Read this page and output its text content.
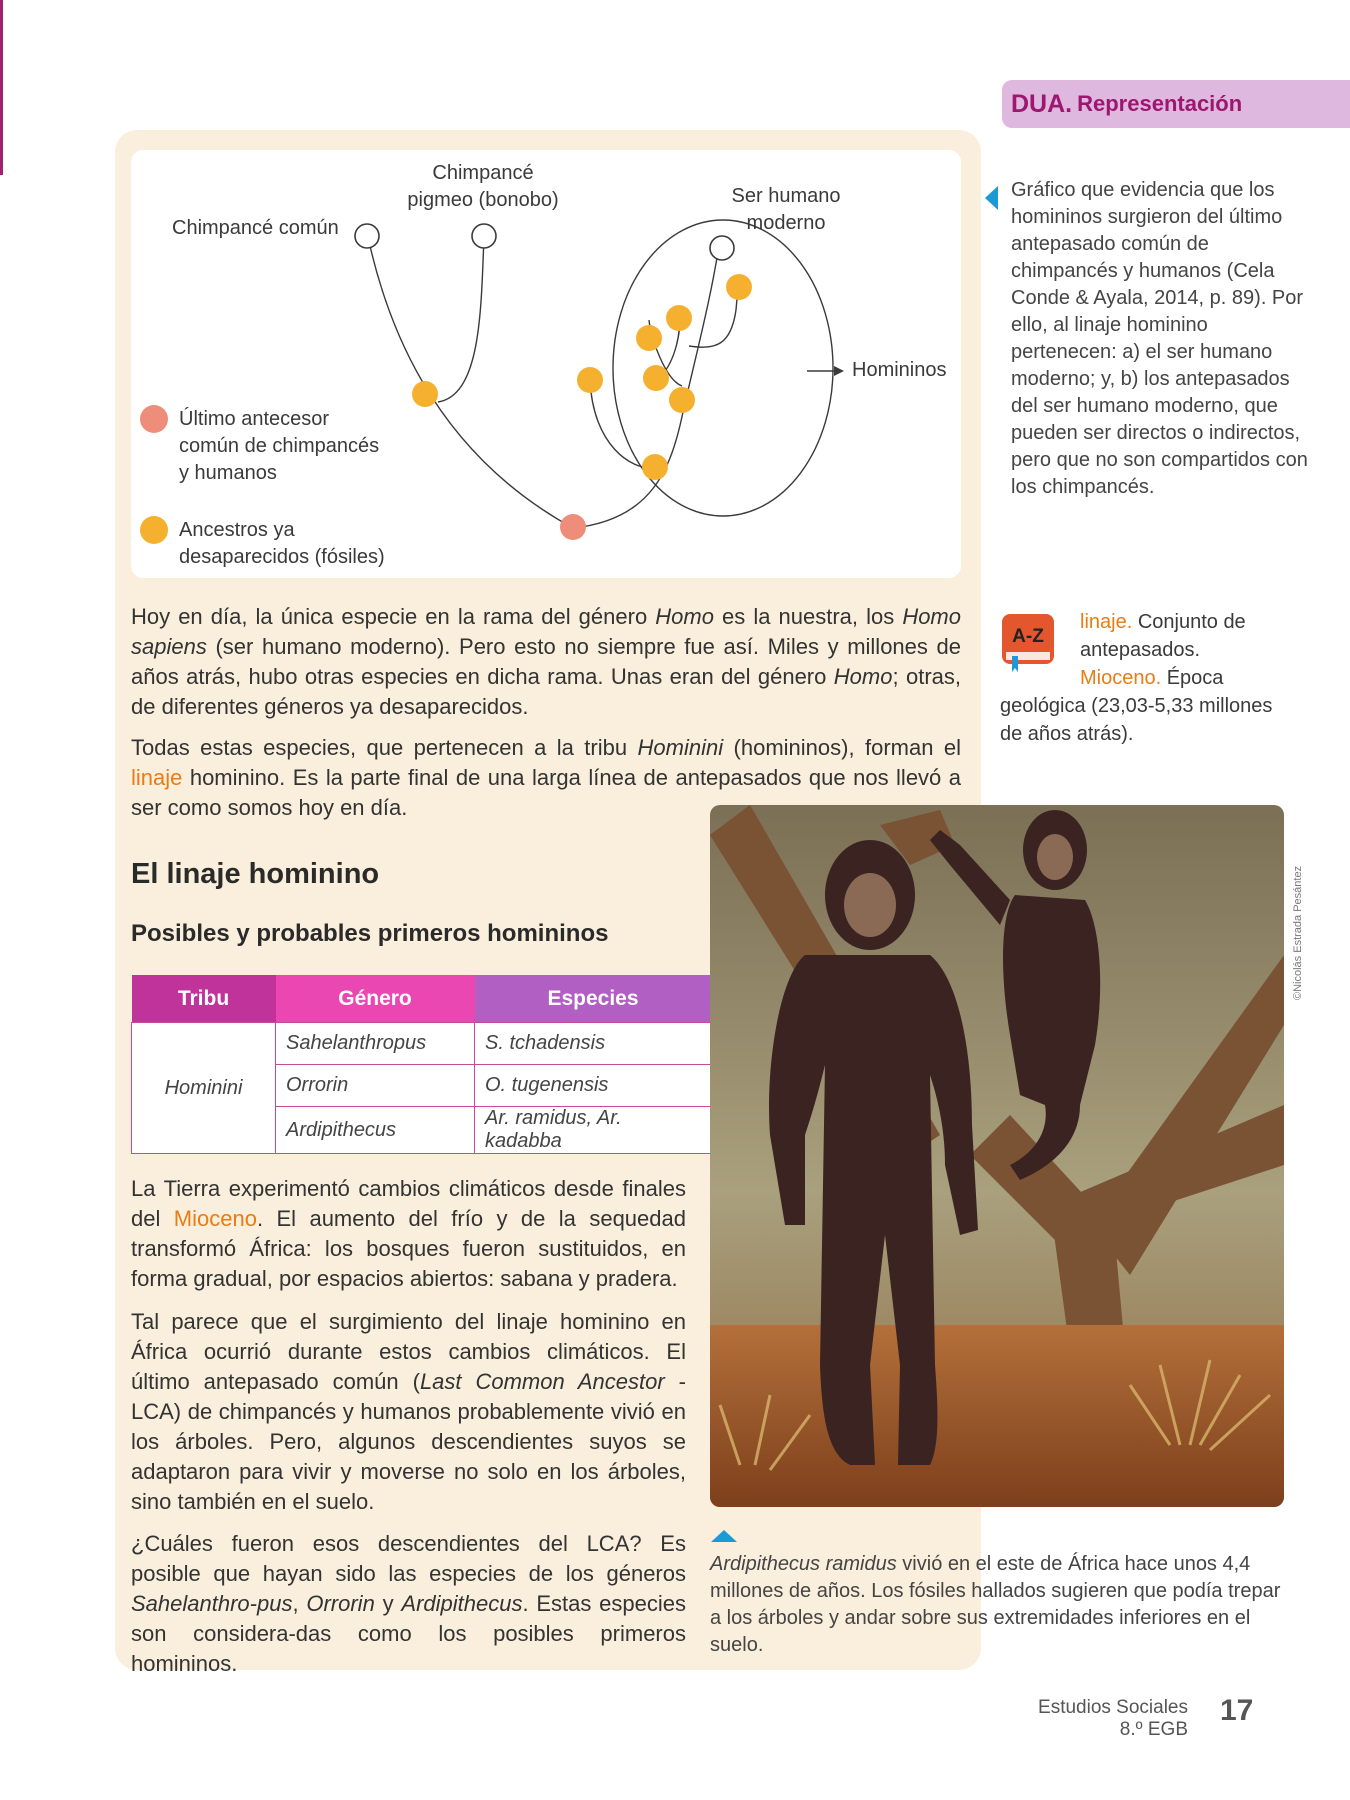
DUA. Representación
Chimpancé común
Chimpancé
pigmeo (bonobo)	Ser humano
moderno
Homininos
Último antecesor
común de chimpancés
y humanos
Ancestros ya
desaparecidos (fósiles)
Gráfico que evidencia que los homininos surgieron del último antepasado común de chimpancés y humanos (Cela Conde & Ayala, 2014, p. 89). Por ello, al linaje hominino pertenecen: a) el ser humano moderno; y, b) los antepasados del ser humano moderno, que pueden ser directos o indirectos, pero que no son compartidos con los chimpancés.
A-Z
linaje. Conjunto de
antepasados.
Mioceno. Época
geológica (23,03-5,33 millones
de años atrás).
Hoy en día, la única especie en la rama del género Homo es la nuestra, los Homo sapiens (ser humano moderno). Pero esto no siempre fue así. Miles y millones de años atrás, hubo otras especies en dicha rama. Unas eran del género Homo; otras, de diferentes géneros ya desaparecidos.
Todas estas especies, que pertenecen a la tribu Hominini (homininos), forman el linaje hominino. Es la parte final de una larga línea de antepasados que nos llevó a ser como somos hoy en día.
El linaje hominino
Posibles y probables primeros homininos
Tribu	Género	Especies
Hominini	Sahelanthropus	S. tchadensis
	Orrorin	O. tugenensis
	Ardipithecus	Ar. ramidus, Ar. kadabba
La Tierra experimentó cambios climáticos desde finales del Mioceno. El aumento del frío y de la sequedad transformó África: los bosques fueron sustituidos, en forma gradual, por espacios abiertos: sabana y pradera.
Tal parece que el surgimiento del linaje hominino en África ocurrió durante estos cambios climáticos. El último antepasado común (Last Common Ancestor -LCA) de chimpancés y humanos probablemente vivió en los árboles. Pero, algunos descendientes suyos se adaptaron para vivir y moverse no solo en los árboles, sino también en el suelo.
¿Cuáles fueron esos descendientes del LCA? Es posible que hayan sido las especies de los géneros Sahelanthro-pus, Orrorin y Ardipithecus. Estas especies son considera-das como los posibles primeros homininos.
©Nicolás Estrada Pesántez
Ardipithecus ramidus vivió en el este de África hace unos 4,4 millones de años. Los fósiles hallados sugieren que podía trepar a los árboles y andar sobre sus extremidades inferiores en el suelo.
Estudios Sociales
8.º EGB
17
